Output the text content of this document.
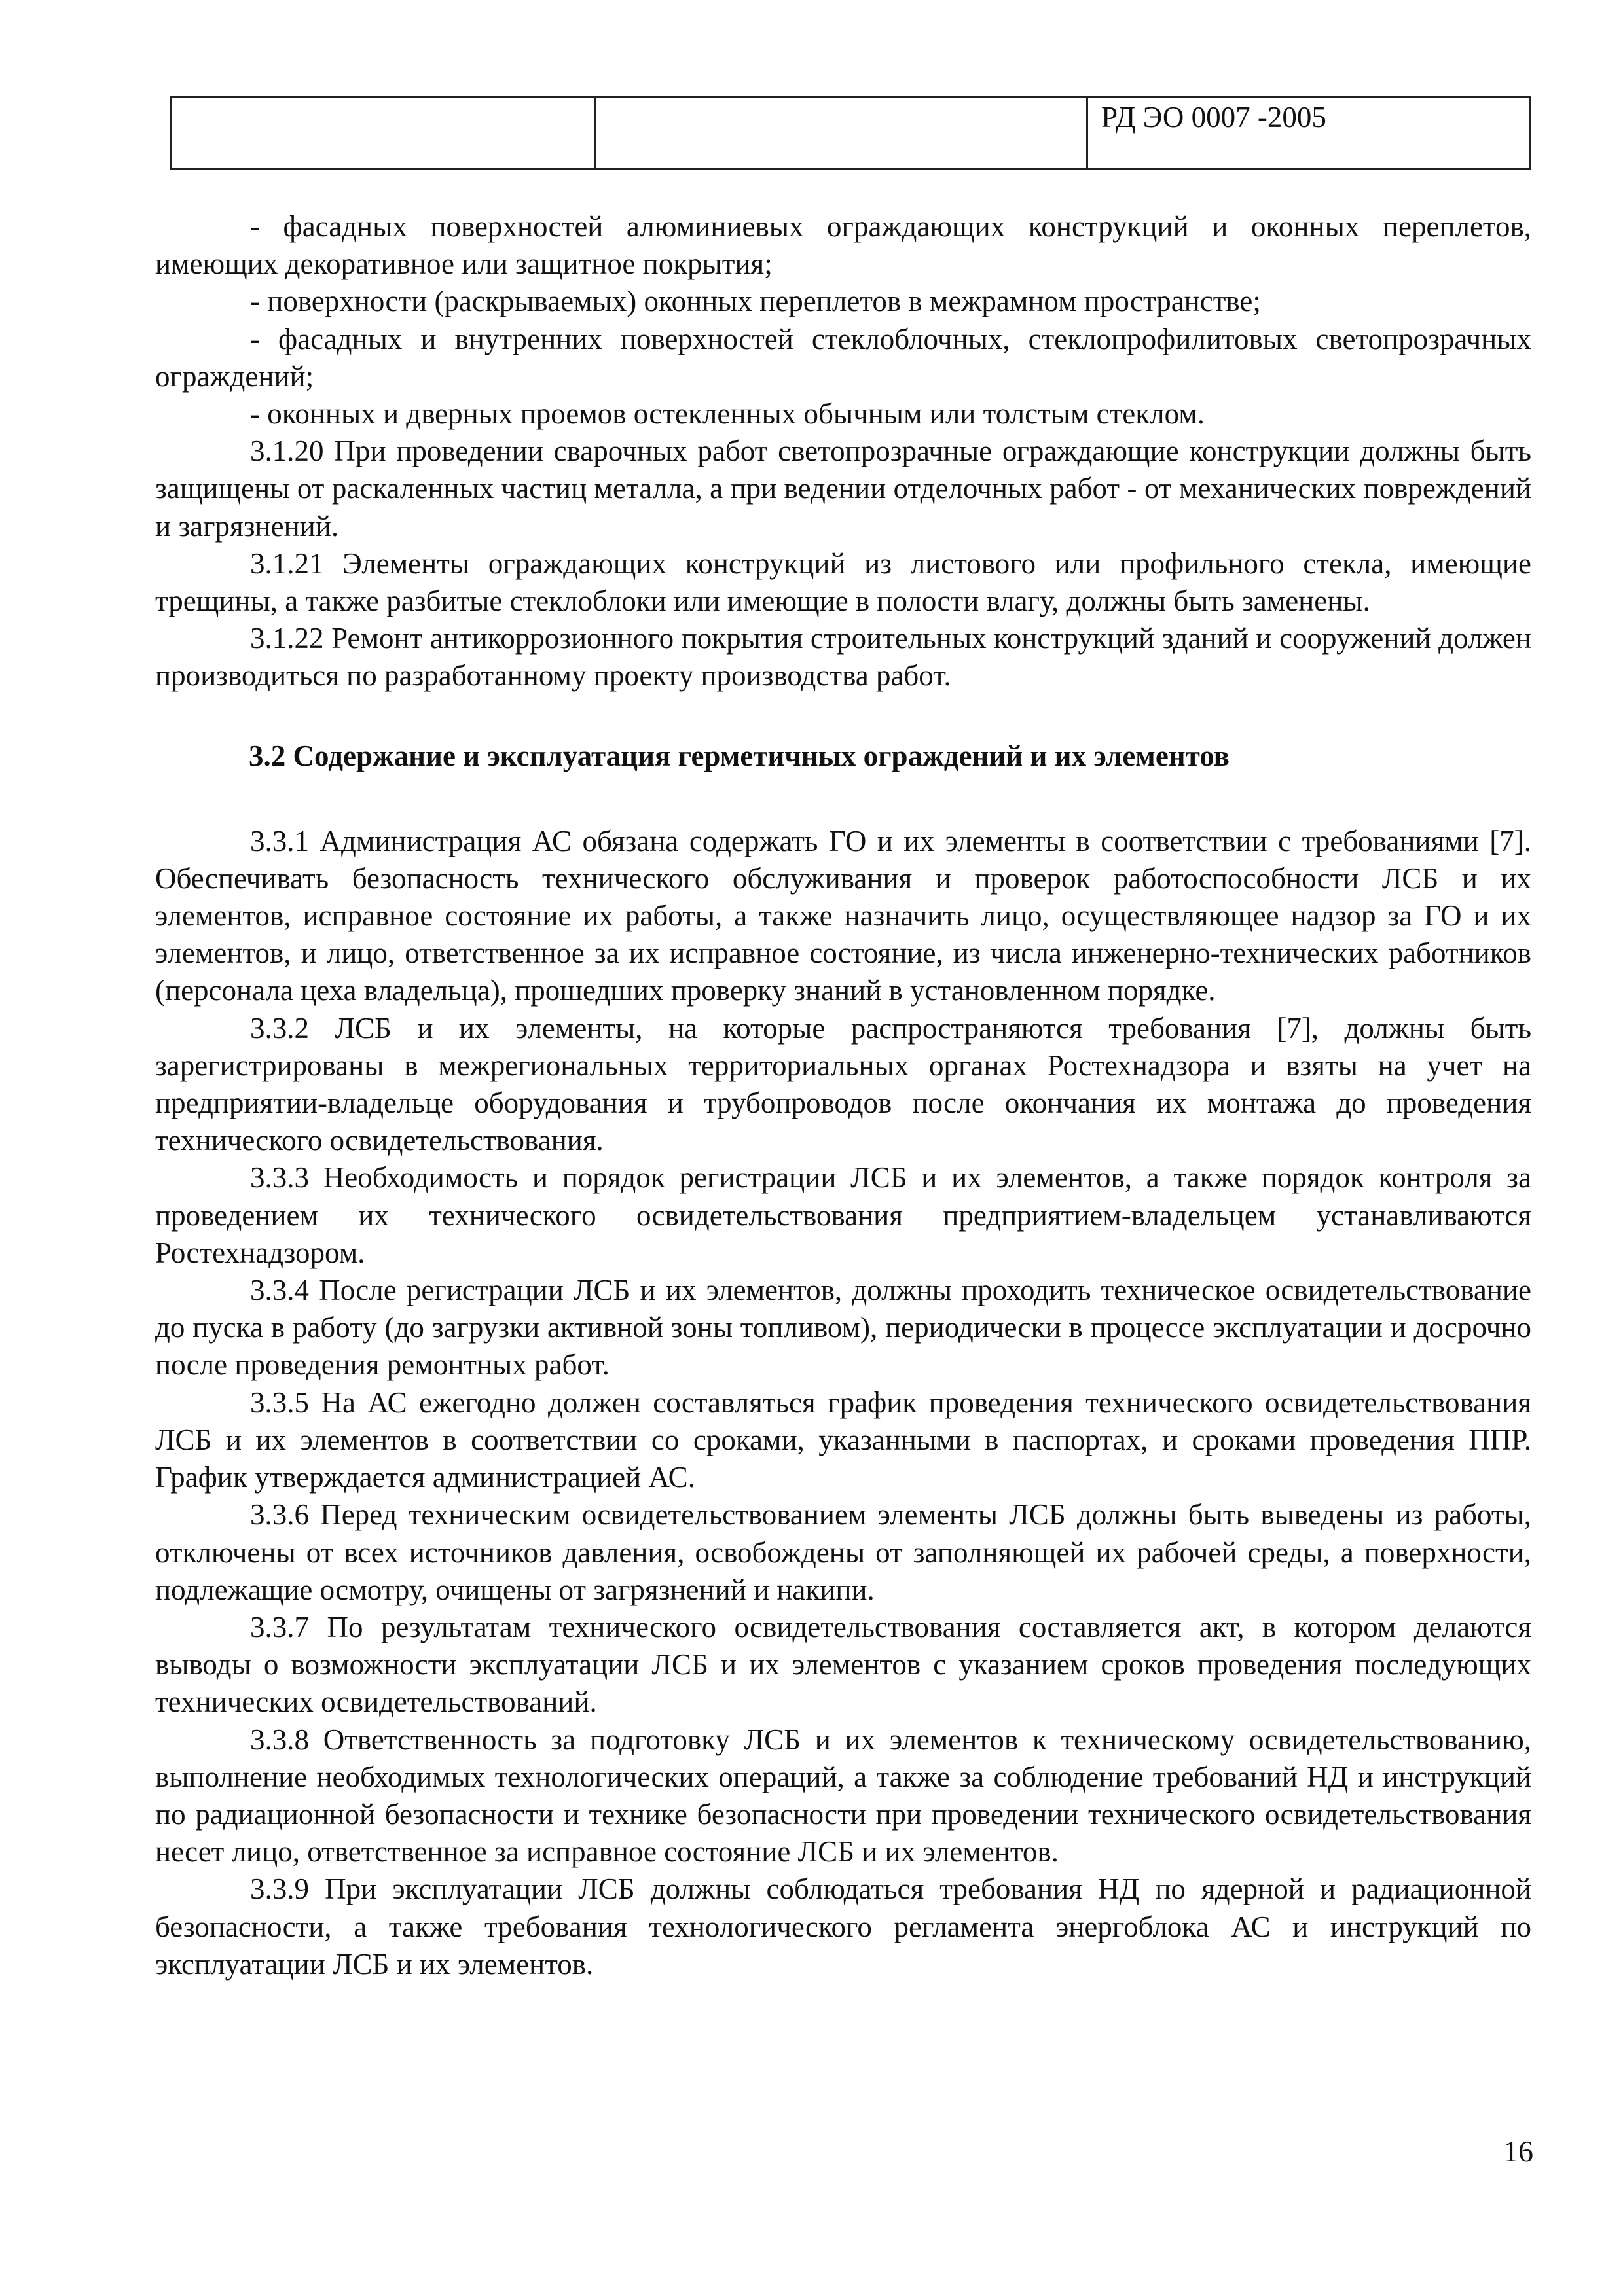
		РД ЭО 0007 -2005

- фасадных поверхностей алюминиевых ограждающих конструкций и оконных переплетов, имеющих декоративное или защитное покрытия;

- поверхности (раскрываемых) оконных переплетов в межрамном пространстве;

- фасадных и внутренних поверхностей стеклоблочных, стеклопрофилитовых светопрозрачных ограждений;

- оконных и дверных проемов остекленных обычным или толстым стеклом.

3.1.20 При проведении сварочных работ светопрозрачные ограждающие конструкции должны быть защищены от раскаленных частиц металла, а при ведении отделочных работ - от механических повреждений и загрязнений.

3.1.21 Элементы ограждающих конструкций из листового или профильного стекла, имеющие трещины, а также разбитые стеклоблоки или имеющие в полости влагу, должны быть заменены.

3.1.22 Ремонт антикоррозионного покрытия строительных конструкций зданий и сооружений должен производиться по разработанному проекту производства работ.

3.2 Содержание и эксплуатация герметичных ограждений и их элементов

3.3.1 Администрация АС обязана содержать ГО и их элементы в соответствии с требованиями [7]. Обеспечивать безопасность технического обслуживания и проверок работоспособности ЛСБ и их элементов, исправное состояние их работы, а также назначить лицо, осуществляющее надзор за ГО и их элементов, и лицо, ответственное за их исправное состояние, из числа инженерно-технических работников (персонала цеха владельца), прошедших проверку знаний в установленном порядке.

3.3.2 ЛСБ и их элементы, на которые распространяются требования [7], должны быть зарегистрированы в межрегиональных территориальных органах Ростехнадзора и взяты на учет на предприятии-владельце оборудования и трубопроводов после окончания их монтажа до проведения технического освидетельствования.

3.3.3 Необходимость и порядок регистрации ЛСБ и их элементов, а также порядок контроля за проведением их технического освидетельствования предприятием-владельцем устанавливаются Ростехнадзором.

3.3.4 После регистрации ЛСБ и их элементов, должны проходить техническое освидетельствование до пуска в работу (до загрузки активной зоны топливом), периодически в процессе эксплуатации и досрочно после проведения ремонтных работ.

3.3.5 На АС ежегодно должен составляться график проведения технического освидетельствования ЛСБ и их элементов в соответствии со сроками, указанными в паспортах, и сроками проведения ППР. График утверждается администрацией АС.

3.3.6 Перед техническим освидетельствованием элементы ЛСБ должны быть выведены из работы, отключены от всех источников давления, освобождены от заполняющей их рабочей среды, а поверхности, подлежащие осмотру, очищены от загрязнений и накипи.

3.3.7 По результатам технического освидетельствования составляется акт, в котором делаются выводы о возможности эксплуатации ЛСБ и их элементов с указанием сроков проведения последующих технических освидетельствований.

3.3.8 Ответственность за подготовку ЛСБ и их элементов к техническому освидетельствованию, выполнение необходимых технологических операций, а также за соблюдение требований НД и инструкций по радиационной безопасности и технике безопасности при проведении технического освидетельствования несет лицо, ответственное за исправное состояние ЛСБ и их элементов.

3.3.9 При эксплуатации ЛСБ должны соблюдаться требования НД по ядерной и радиационной безопасности, а также требования технологического регламента энергоблока АС и инструкций по эксплуатации ЛСБ и их элементов.

16
